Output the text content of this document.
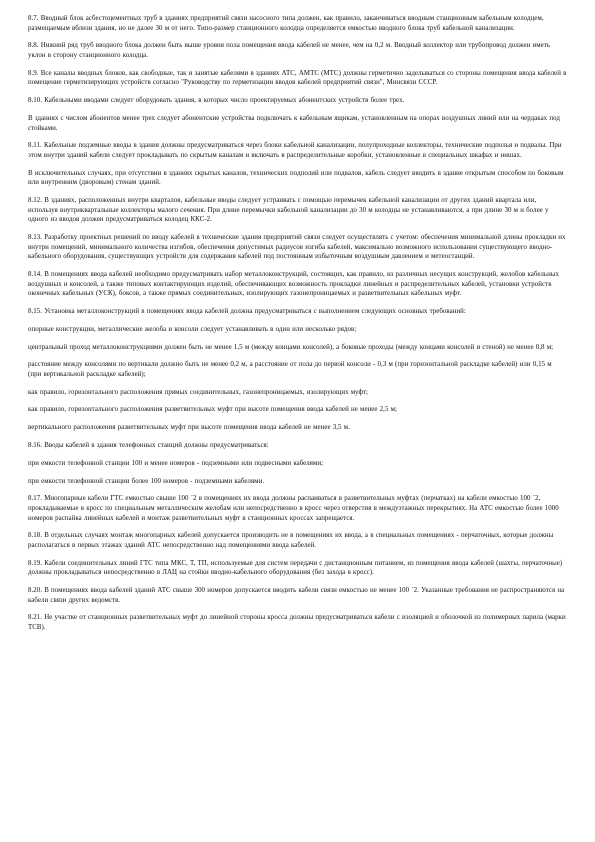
8.7. Вводный блок асбестоцементных труб в зданиях предприятий связи насосного типа должен, как правило, заканчиваться вводным станционным кабельным колодцем, размещаемым вблизи здания, но не далее 30 м от него. Типо-размер станционного колодца определяется емкостью вводного блока труб кабельной канализации.

8.8. Нижний ряд труб вводного блока должен быть выше уровня пола помещения ввода кабелей не менее, чем на 0,2 м. Вводный коллектор или трубопровод должен иметь уклон в сторону станционного колодца.

8.9. Все каналы вводных блоков, как свободные, так и занятые кабелями в зданиях АТС, АМТС (МТС) должны герметично заделываться со стороны помещения ввода кабелей в помещение герметизирующих устройств согласно "Руководству по герметизации вводов кабелей предприятий связи", Минсвязи СССР.

8.10. Кабельными вводами следует оборудовать здания, в которых число проектируемых абонентских устройств более трех.

В зданиях с числом абонентов менее трех следует абонентские устройства подключать к кабельным ящикам, установленным на опорах воздушных линий или на чердаках под стойками.

8.11. Кабельные подземные вводы в здания должны предусматриваться через блоки кабельной канализации, полупроходные коллекторы, технические подполья и подвалы. При этом внутри зданий кабели следует прокладывать по скрытым каналам и включать в распределительные коробки, установленные в специальных шкафах и нишах.

В исключительных случаях, при отсутствии в зданиях скрытых каналов, технических подполий или подвалов, кабель следует вводить в здание открытым способом по боковым или внутренним (дворовым) стенам зданий.

8.12. В зданиях, расположенных внутри кварталов, кабельные вводы следует устраивать с помощью перемычек кабельной канализации от других зданий квартала или, используя внутриквартальные коллекторы малого сечения. При длине перемычки кабельной канализации до 30 м колодцы не устанавливаются, а при длине 30 м и более у одного из вводов должен предусматриваться колодец ККС-2.

8.13. Разработку проектных решений по вводу кабелей в технические здания предприятий связи следует осуществлять с учетом: обеспечения минимальной длины прокладки их внутри помещений, минимального количества изгибов, обеспечения допустимых радиусов изгиба кабелей, максимально возможного использования существующего вводно-кабельного оборудования, существующих устройств для содержания кабелей под постоянным избыточным воздушным давлением и метеостанций.

8.14. В помещениях ввода кабелей необходимо предусматривать набор металлоконструкций, состоящих, как правило, из различных несущих конструкций, желобов кабельных воздушных и консолей, а также типовых контактирующих изделий, обеспечивающих возможность прокладки линейных и распределительных кабелей, установки устройств оконечных кабельных (УСК), боксов, а также прямых соединительных, изолирующих газонепроницаемых и разветвительных кабельных муфт.

8.15. Установка металлоконструкций в помещениях ввода кабелей должна предусматриваться с выполнением следующих основных требований:

опорные конструкции, металлические желоба и консоли следует устанавливать в один или несколько рядов;

центральный проход металлоконструкциями должен быть не менее 1,5 м (между концами консолей), а боковые проходы (между концами консолей и стеной) не менее 0,8 м;

расстояние между консолями по вертикали должно быть не менее 0,2 м, а расстояние от пола до первой консоли - 0,3 м (при горизонтальной раскладке кабелей) или 0,15 м (при вертикальной раскладке кабелей);

как правило, горизонтального расположения прямых соединительных, газонепроницаемых, изолирующих муфт;

как правило, горизонтального расположения разветвительных муфт при высоте помещения ввода кабелей не менее 2,5 м;

вертикального расположения разветвительных муфт при высоте помещения ввода кабелей не менее 3,5 м.

8.16. Вводы кабелей в здания телефонных станций должны предусматриваться:

при емкости телефонной станции 100 и менее номеров - подземными или подвесными кабелями;

при емкости телефонной станции более 100 номеров - подземными кабелями.

8.17. Многопарные кабели ГТС емкостью свыше 100 ´2 в помещениях их ввода должны распаиваться в разветвительных муфтах (перчатках) на кабели емкостью 100 ´2, прокладываемые в кросс по специальным металлическим желобам или непосредственно в кросс через отверстия в междуэтажных перекрытиях. На АТС емкостью более 1000 номеров распайка линейных кабелей и монтаж разветвительных муфт в станционных кроссах запрещается.

8.18. В отдельных случаях монтаж многопарных кабелей допускается производить не в помещениях их ввода, а в специальных помещениях - перчаточных, которые должны располагаться в первых этажах зданий АТС непосредственно над помещениями ввода кабелей.

8.19. Кабели соединительных линий ГТС типа МКС, Т, ТП, используемые для систем передачи с дистанционным питанием, из помещения ввода кабелей (шахты, перчаточные) должны прокладываться непосредственно в ЛАЦ на стойки вводно-кабельного оборудования (без захода в кросс).

8.20. В помещениях ввода кабелей зданий АТС свыше 300 номеров допускается вводить кабели связи емкостью не менее 100 ´2. Указанные требования не распространяются на кабели связи других ведомств.

8.21. Не участке от станционных разветвительных муфт до линейной стороны кросса должны предусматриваться кабели с изоляцией и оболочкой из полимерных парила (марки ТСВ).
